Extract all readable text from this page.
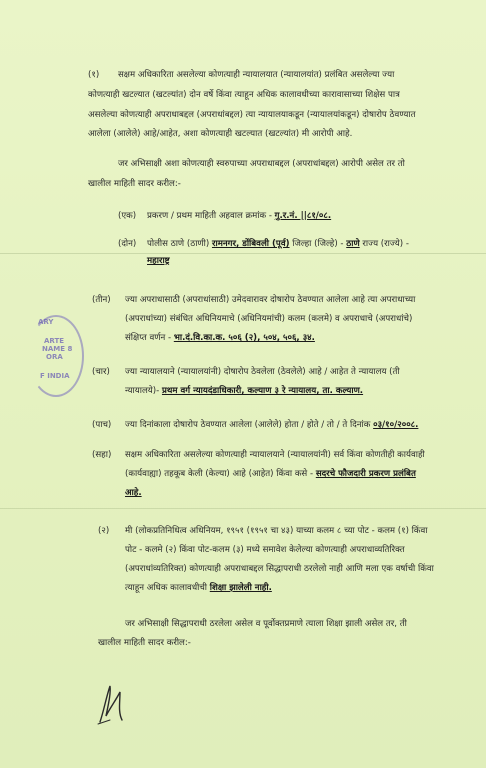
(१) सक्षम अधिकारिता असलेल्या कोणत्याही न्यायालयात (न्यायालयांत) प्रलंबित असलेल्या ज्या
कोणत्याही खटल्यात (खटल्यांत) दोन वर्षे किंवा त्याहून अधिक कालावधीच्या कारावासाच्या शिक्षेस पात्र
असलेल्या कोणत्याही अपराधाबद्दल (अपराधांबद्दल) त्या न्यायालयाकडून (न्यायालयांकडून) दोषारोप ठेवण्यात
आलेला (आलेले) आहे/आहेत, अशा कोणत्याही खटल्यात (खटल्यांत) मी आरोपी आहे.
जर अभिसाक्षी अशा कोणत्याही स्वरुपाच्या अपराधाबद्दल (अपराधांबद्दल) आरोपी असेल तर तो
खालील माहिती सादर करील:-
(एक) प्रकरण / प्रथम माहिती अहवाल क्रमांक - गु.र.नं. ||८१/०८.
(दोन) पोलीस ठाणे (ठाणी) रामनगर, डोंबिवली (पूर्व) जिल्हा (जिल्हे) - ठाणे राज्य (राज्ये) -
महाराष्ट्र
(तीन) ज्या अपराधासाठी (अपराधांसाठी) उमेदवारावर दोषारोप ठेवण्यात आलेला आहे त्या अपराधाच्या
(अपराधांच्या) संबंधित अधिनियमाचे (अधिनियमांची) कलम (कलमे) व अपराधाचे (अपराधांचे)
संक्षिप्त वर्णन - भा.दं.वि.का.क. ५०६ (२), ५०४, ५०६, ३४.
(चार) ज्या न्यायालयाने (न्यायालयांनी) दोषारोप ठेवलेला (ठेवलेले) आहे / आहेत ते न्यायालय (ती
न्यायालये)- प्रथम वर्ग न्यायदंडाधिकारी, कल्याण ३ रे न्यायालय, ता. कल्याण.
(पाच) ज्या दिनांकाला दोषारोप ठेवण्यात आलेला (आलेले) होता / होते / तो / ते दिनांक ०३/१०/२००८.
(सहा) सक्षम अधिकारिता असलेल्या कोणत्याही न्यायालयाने (न्यायालयांनी) सर्व किंवा कोणतीही कार्यवाही
(कार्यवाह्या) तहकूब केली (केल्या) आहे (आहेत) किंवा कसे - सदरचे फौजदारी प्रकरण प्रलंबित
आहे.
(२) मी (लोकप्रतिनिधित्व अधिनियम, १९५१ (१९५१ चा ४३) याच्या कलम ८ च्या पोट - कलम (१) किंवा
पोट - कलमे (२) किंवा पोट-कलम (३) मध्ये समावेश केलेल्या कोणत्याही अपराधाव्यतिरिक्त
(अपराधांव्यतिरिक्त) कोणत्याही अपराधाबद्दल सिद्धापराधी ठरलेलो नाही आणि मला एक वर्षाची किंवा
त्याहून अधिक कालावधीची शिक्षा झालेली नाही.
जर अभिसाक्षी सिद्धापराधी ठरलेला असेल व पूर्वोक्तप्रमाणे त्याला शिक्षा झाली असेल तर, ती
खालील माहिती सादर करील:-
ARY
ARTE
NAME 8
ORA
F INDIA
